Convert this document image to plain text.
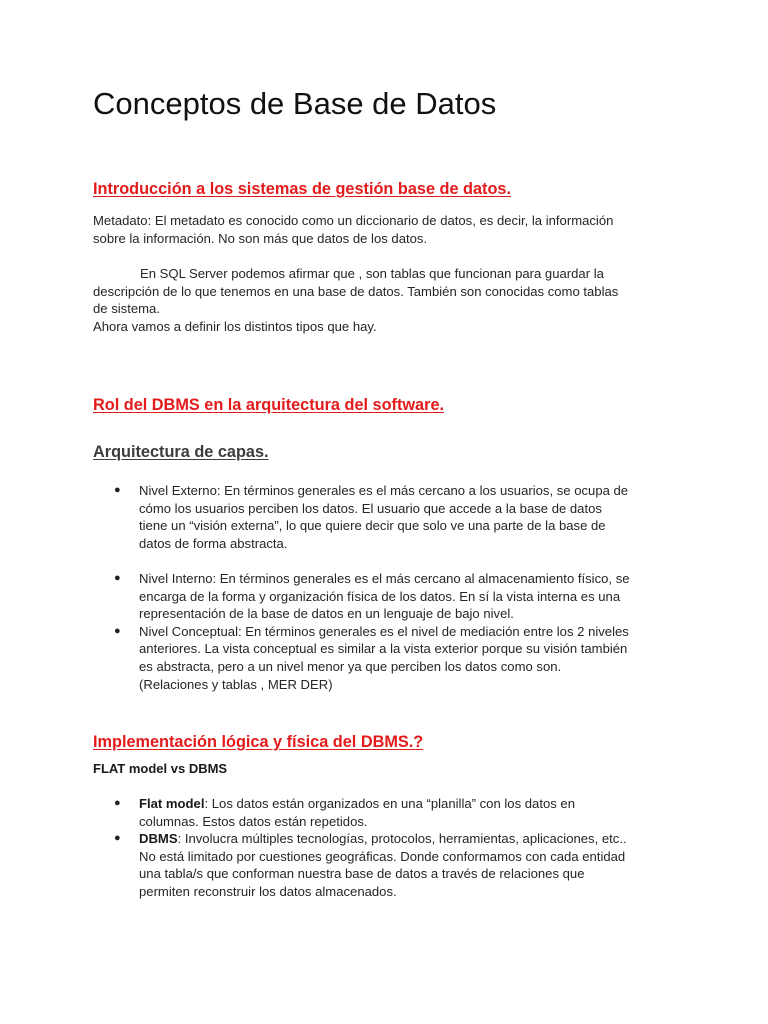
Conceptos de Base de Datos
Introducción a los sistemas de gestión base de datos.

Metadato: El metadato es conocido como un diccionario de datos, es decir, la información
sobre la información. No son más que datos de los datos.

En SQL Server podemos afirmar que , son tablas que funcionan para guardar la
descripción de lo que tenemos en una base de datos. También son conocidas como tablas
de sistema.
Ahora vamos a definir los distintos tipos que hay.

Rol del DBMS en la arquitectura del software.
Arquitectura de capas.
● Nivel Externo: En términos generales es el más cercano a los usuarios, se ocupa de
cómo los usuarios perciben los datos. El usuario que accede a la base de datos
tiene un “visión externa”, lo que quiere decir que solo ve una parte de la base de
datos de forma abstracta.
● Nivel Interno: En términos generales es el más cercano al almacenamiento físico, se
encarga de la forma y organización física de los datos. En sí la vista interna es una
representación de la base de datos en un lenguaje de bajo nivel.
● Nivel Conceptual: En términos generales es el nivel de mediación entre los 2 niveles
anteriores. La vista conceptual es similar a la vista exterior porque su visión también
es abstracta, pero a un nivel menor ya que perciben los datos como son.
(Relaciones y tablas , MER DER)
Implementación lógica y física del DBMS.?

FLAT model vs DBMS

● Flat model: Los datos están organizados en una “planilla” con los datos en
columnas. Estos datos están repetidos.
● DBMS: Involucra múltiples tecnologías, protocolos, herramientas, aplicaciones, etc..
No está limitado por cuestiones geográficas. Donde conformamos con cada entidad
una tabla/s que conforman nuestra base de datos a través de relaciones que
permiten reconstruir los datos almacenados.
